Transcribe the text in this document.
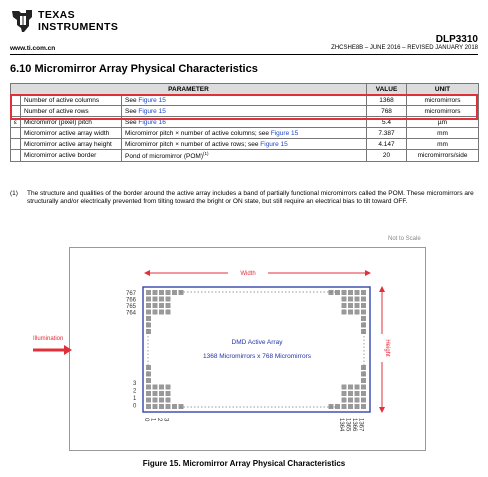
TEXAS
INSTRUMENTS
DLP3310
www.ti.com.cn	ZHCSHE8B – JUNE 2016 – REVISED JANUARY 2018
6.10 Micromirror Array Physical Characteristics
PARAMETER			VALUE	UNIT
	Number of active columns	See Figure 15	1368	micromirrors
	Number of active rows	See Figure 15	768	micromirrors
ε	Micromirror (pixel) pitch	See Figure 16	5.4	µm
	Micromirror active array width	Micromirror pitch × number of active columns; see Figure 15	7.387	mm
	Micromirror active array height	Micromirror pitch × number of active rows; see Figure 15	4.147	mm
	Micromirror active border	Pond of micromirror (POM)$^{(1)}$	20	micromirrors/side
(1) The structure and qualities of the border around the active array includes a band of partially functional micromirrors called the POM. These micromirrors are structurally and/or electrically prevented from tilting toward the bright or ON state, but still require an electrical bias to tilt toward OFF.
Not to Scale
Width
Height
Illumination	DMD Active Array
1368 Micromirrors x 768 Micromirrors
767
766
765
764
3
2
1
0
0 1 2 3	1364 1365 1366 1367
Figure 15. Micromirror Array Physical Characteristics
